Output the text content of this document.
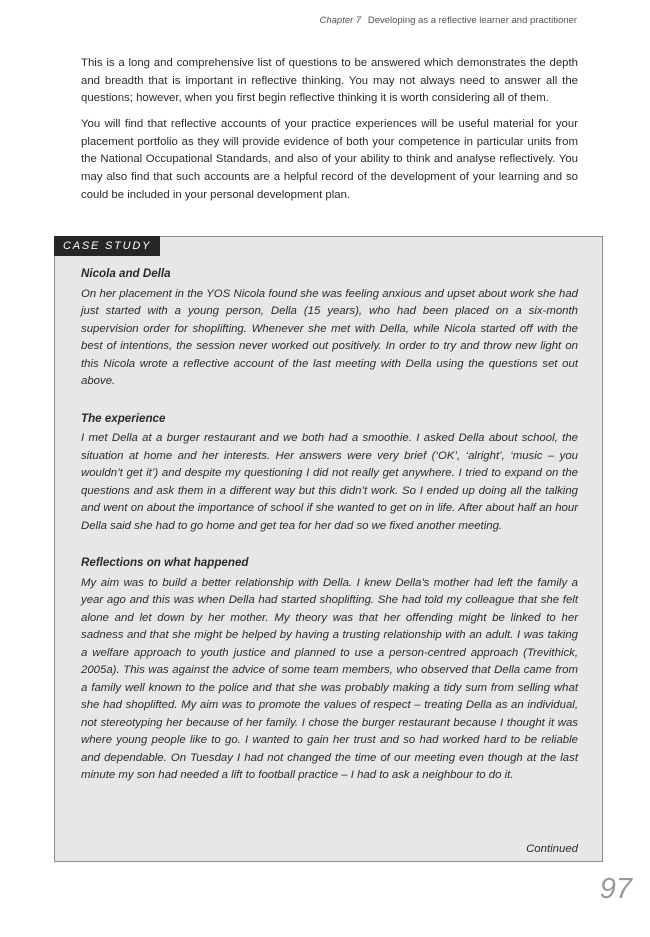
Chapter 7 Developing as a reflective learner and practitioner

This is a long and comprehensive list of questions to be answered which demonstrates the depth and breadth that is important in reflective thinking. You may not always need to answer all the questions; however, when you first begin reflective thinking it is worth considering all of them.

You will find that reflective accounts of your practice experiences will be useful material for your placement portfolio as they will provide evidence of both your competence in particular units from the National Occupational Standards, and also of your ability to think and analyse reflectively. You may also find that such accounts are a helpful record of the development of your learning and so could be included in your personal development plan.

CASE STUDY
Nicola and Della

On her placement in the YOS Nicola found she was feeling anxious and upset about work she had just started with a young person, Della (15 years), who had been placed on a six-month supervision order for shoplifting. Whenever she met with Della, while Nicola started off with the best of intentions, the session never worked out positively. In order to try and throw new light on this Nicola wrote a reflective account of the last meeting with Della using the questions set out above.

The experience

I met Della at a burger restaurant and we both had a smoothie. I asked Della about school, the situation at home and her interests. Her answers were very brief (‘OK’, ‘alright’, ‘music – you wouldn’t get it’) and despite my questioning I did not really get anywhere. I tried to expand on the questions and ask them in a different way but this didn’t work. So I ended up doing all the talking and went on about the importance of school if she wanted to get on in life. After about half an hour Della said she had to go home and get tea for her dad so we fixed another meeting.

Reflections on what happened

My aim was to build a better relationship with Della. I knew Della’s mother had left the family a year ago and this was when Della had started shoplifting. She had told my colleague that she felt alone and let down by her mother. My theory was that her offending might be linked to her sadness and that she might be helped by having a trusting relationship with an adult. I was taking a welfare approach to youth justice and planned to use a person-centred approach (Trevithick, 2005a). This was against the advice of some team members, who observed that Della came from a family well known to the police and that she was probably making a tidy sum from selling what she had shoplifted. My aim was to promote the values of respect – treating Della as an individual, not stereotyping her because of her family. I chose the burger restaurant because I thought it was where young people like to go. I wanted to gain her trust and so had worked hard to be reliable and dependable. On Tuesday I had not changed the time of our meeting even though at the last minute my son had needed a lift to football practice – I had to ask a neighbour to do it.

Continued
97
